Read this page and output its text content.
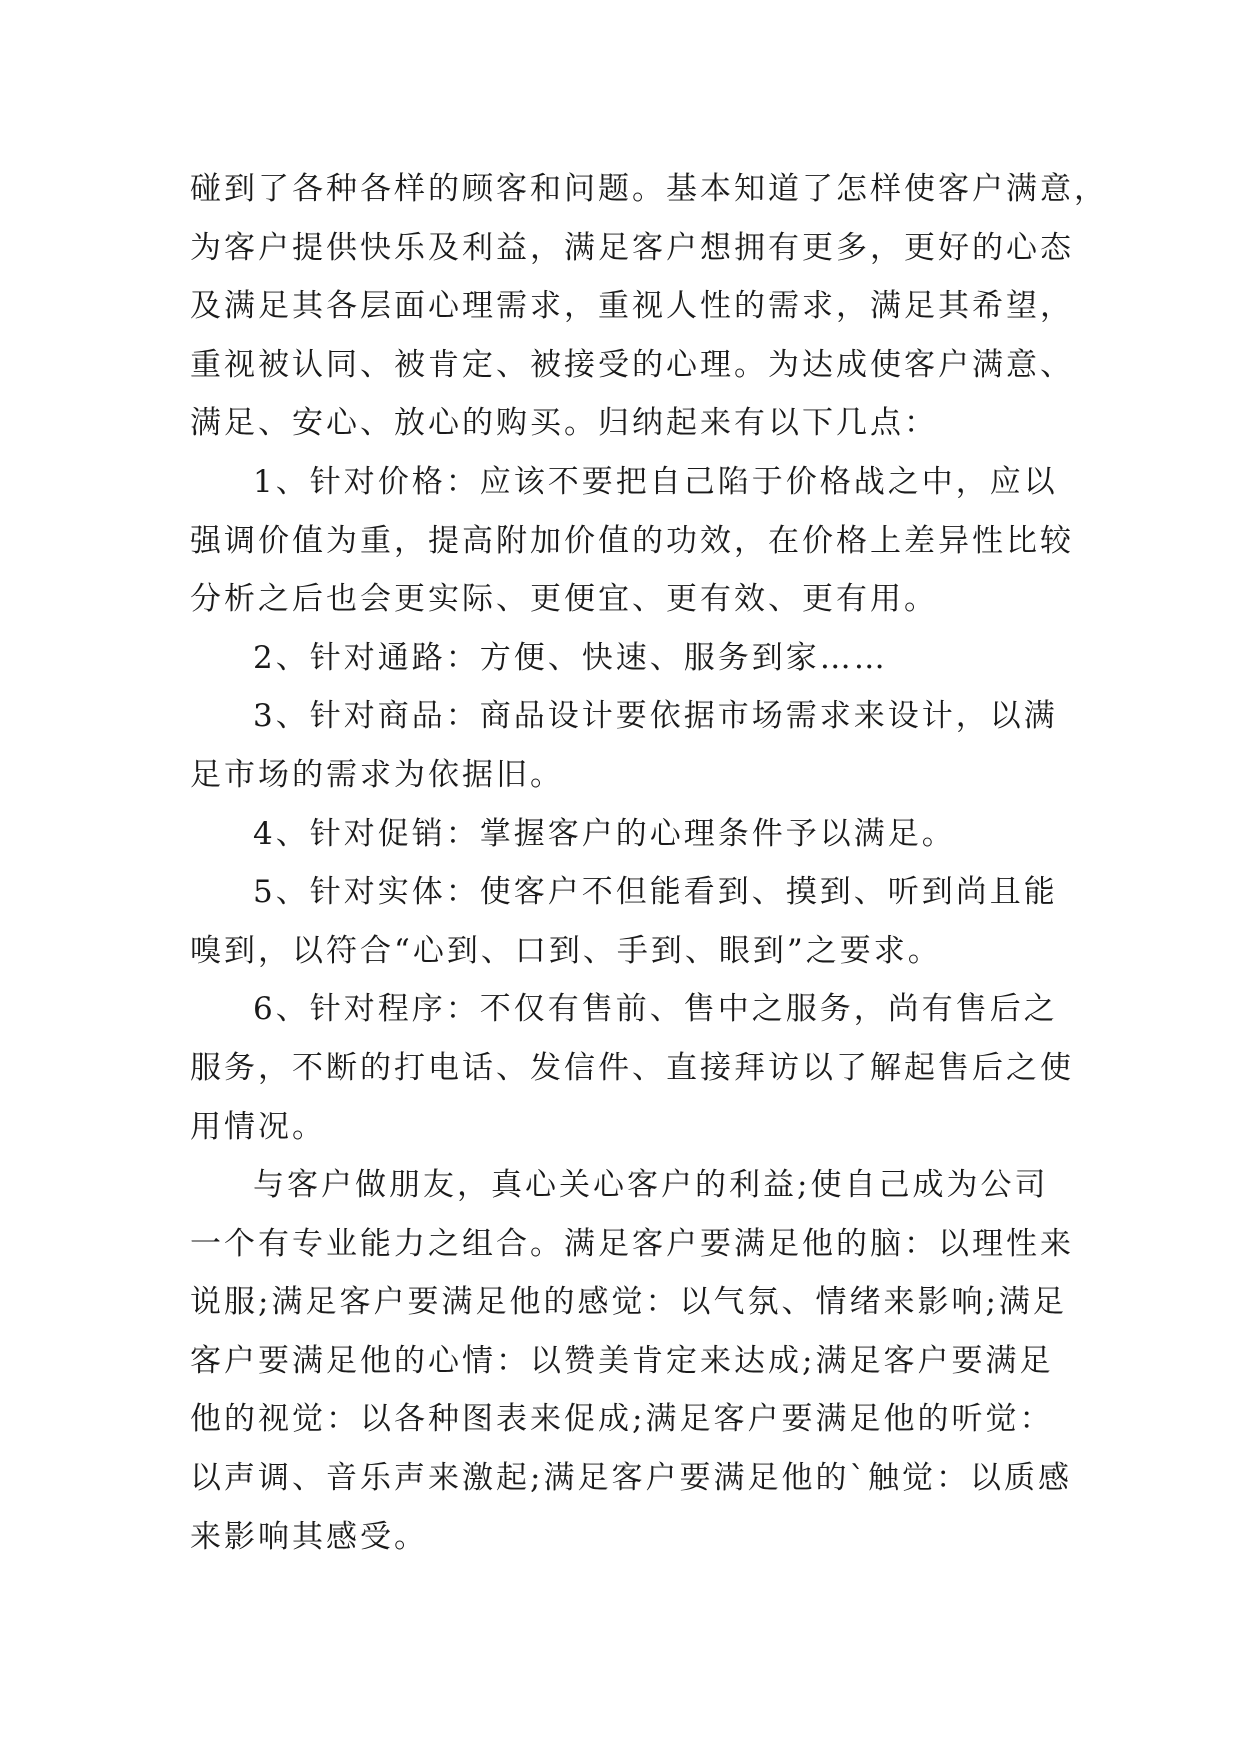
碰到了各种各样的顾客和问题。基本知道了怎样使客户满意，
为客户提供快乐及利益，满足客户想拥有更多，更好的心态
及满足其各层面心理需求，重视人性的需求，满足其希望，
重视被认同、被肯定、被接受的心理。为达成使客户满意、
满足、安心、放心的购买。归纳起来有以下几点：
1、针对价格：应该不要把自己陷于价格战之中，应以
强调价值为重，提高附加价值的功效，在价格上差异性比较
分析之后也会更实际、更便宜、更有效、更有用。
2、针对通路：方便、快速、服务到家……
3、针对商品：商品设计要依据市场需求来设计，以满
足市场的需求为依据旧。
4、针对促销：掌握客户的心理条件予以满足。
5、针对实体：使客户不但能看到、摸到、听到尚且能
嗅到，以符合“心到、口到、手到、眼到”之要求。
6、针对程序：不仅有售前、售中之服务，尚有售后之
服务，不断的打电话、发信件、直接拜访以了解起售后之使
用情况。
与客户做朋友，真心关心客户的利益;使自己成为公司
一个有专业能力之组合。满足客户要满足他的脑：以理性来
说服;满足客户要满足他的感觉：以气氛、情绪来影响;满足
客户要满足他的心情：以赞美肯定来达成;满足客户要满足
他的视觉：以各种图表来促成;满足客户要满足他的听觉：
以声调、音乐声来激起;满足客户要满足他的`触觉：以质感
来影响其感受。
